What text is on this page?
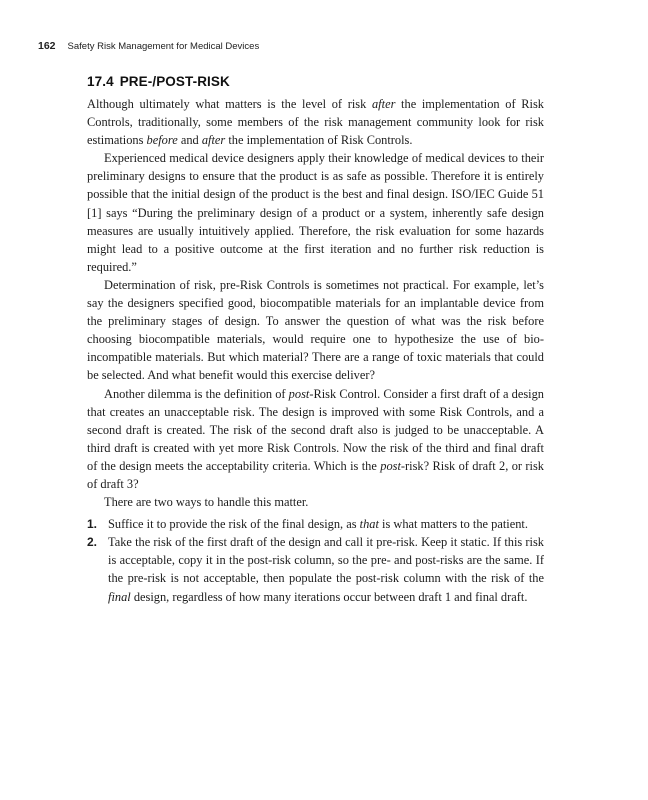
162 Safety Risk Management for Medical Devices
17.4 PRE-/POST-RISK

Although ultimately what matters is the level of risk after the implementation of Risk Controls, traditionally, some members of the risk management community look for risk estimations before and after the implementation of Risk Controls.

Experienced medical device designers apply their knowledge of medical devices to their preliminary designs to ensure that the product is as safe as possible. Therefore it is entirely possible that the initial design of the product is the best and final design. ISO/IEC Guide 51 [1] says “During the preliminary design of a product or a system, inherently safe design measures are usually intuitively applied. Therefore, the risk evaluation for some hazards might lead to a positive outcome at the first iteration and no further risk reduction is required.”

Determination of risk, pre-Risk Controls is sometimes not practical. For example, let’s say the designers specified good, biocompatible materials for an implantable device from the preliminary stages of design. To answer the question of what was the risk before choosing biocompatible materials, would require one to hypothesize the use of bio-incompatible materials. But which material? There are a range of toxic materials that could be selected. And what benefit would this exercise deliver?

Another dilemma is the definition of post-Risk Control. Consider a first draft of a design that creates an unacceptable risk. The design is improved with some Risk Controls, and a second draft is created. The risk of the second draft also is judged to be unacceptable. A third draft is created with yet more Risk Controls. Now the risk of the third and final draft of the design meets the acceptability criteria. Which is the post-risk? Risk of draft 2, or risk of draft 3?

There are two ways to handle this matter.

1. Suffice it to provide the risk of the final design, as that is what matters to the patient.
2. Take the risk of the first draft of the design and call it pre-risk. Keep it static. If this risk is acceptable, copy it in the post-risk column, so the pre- and post-risks are the same. If the pre-risk is not acceptable, then populate the post-risk column with the risk of the final design, regardless of how many iterations occur between draft 1 and final draft.
